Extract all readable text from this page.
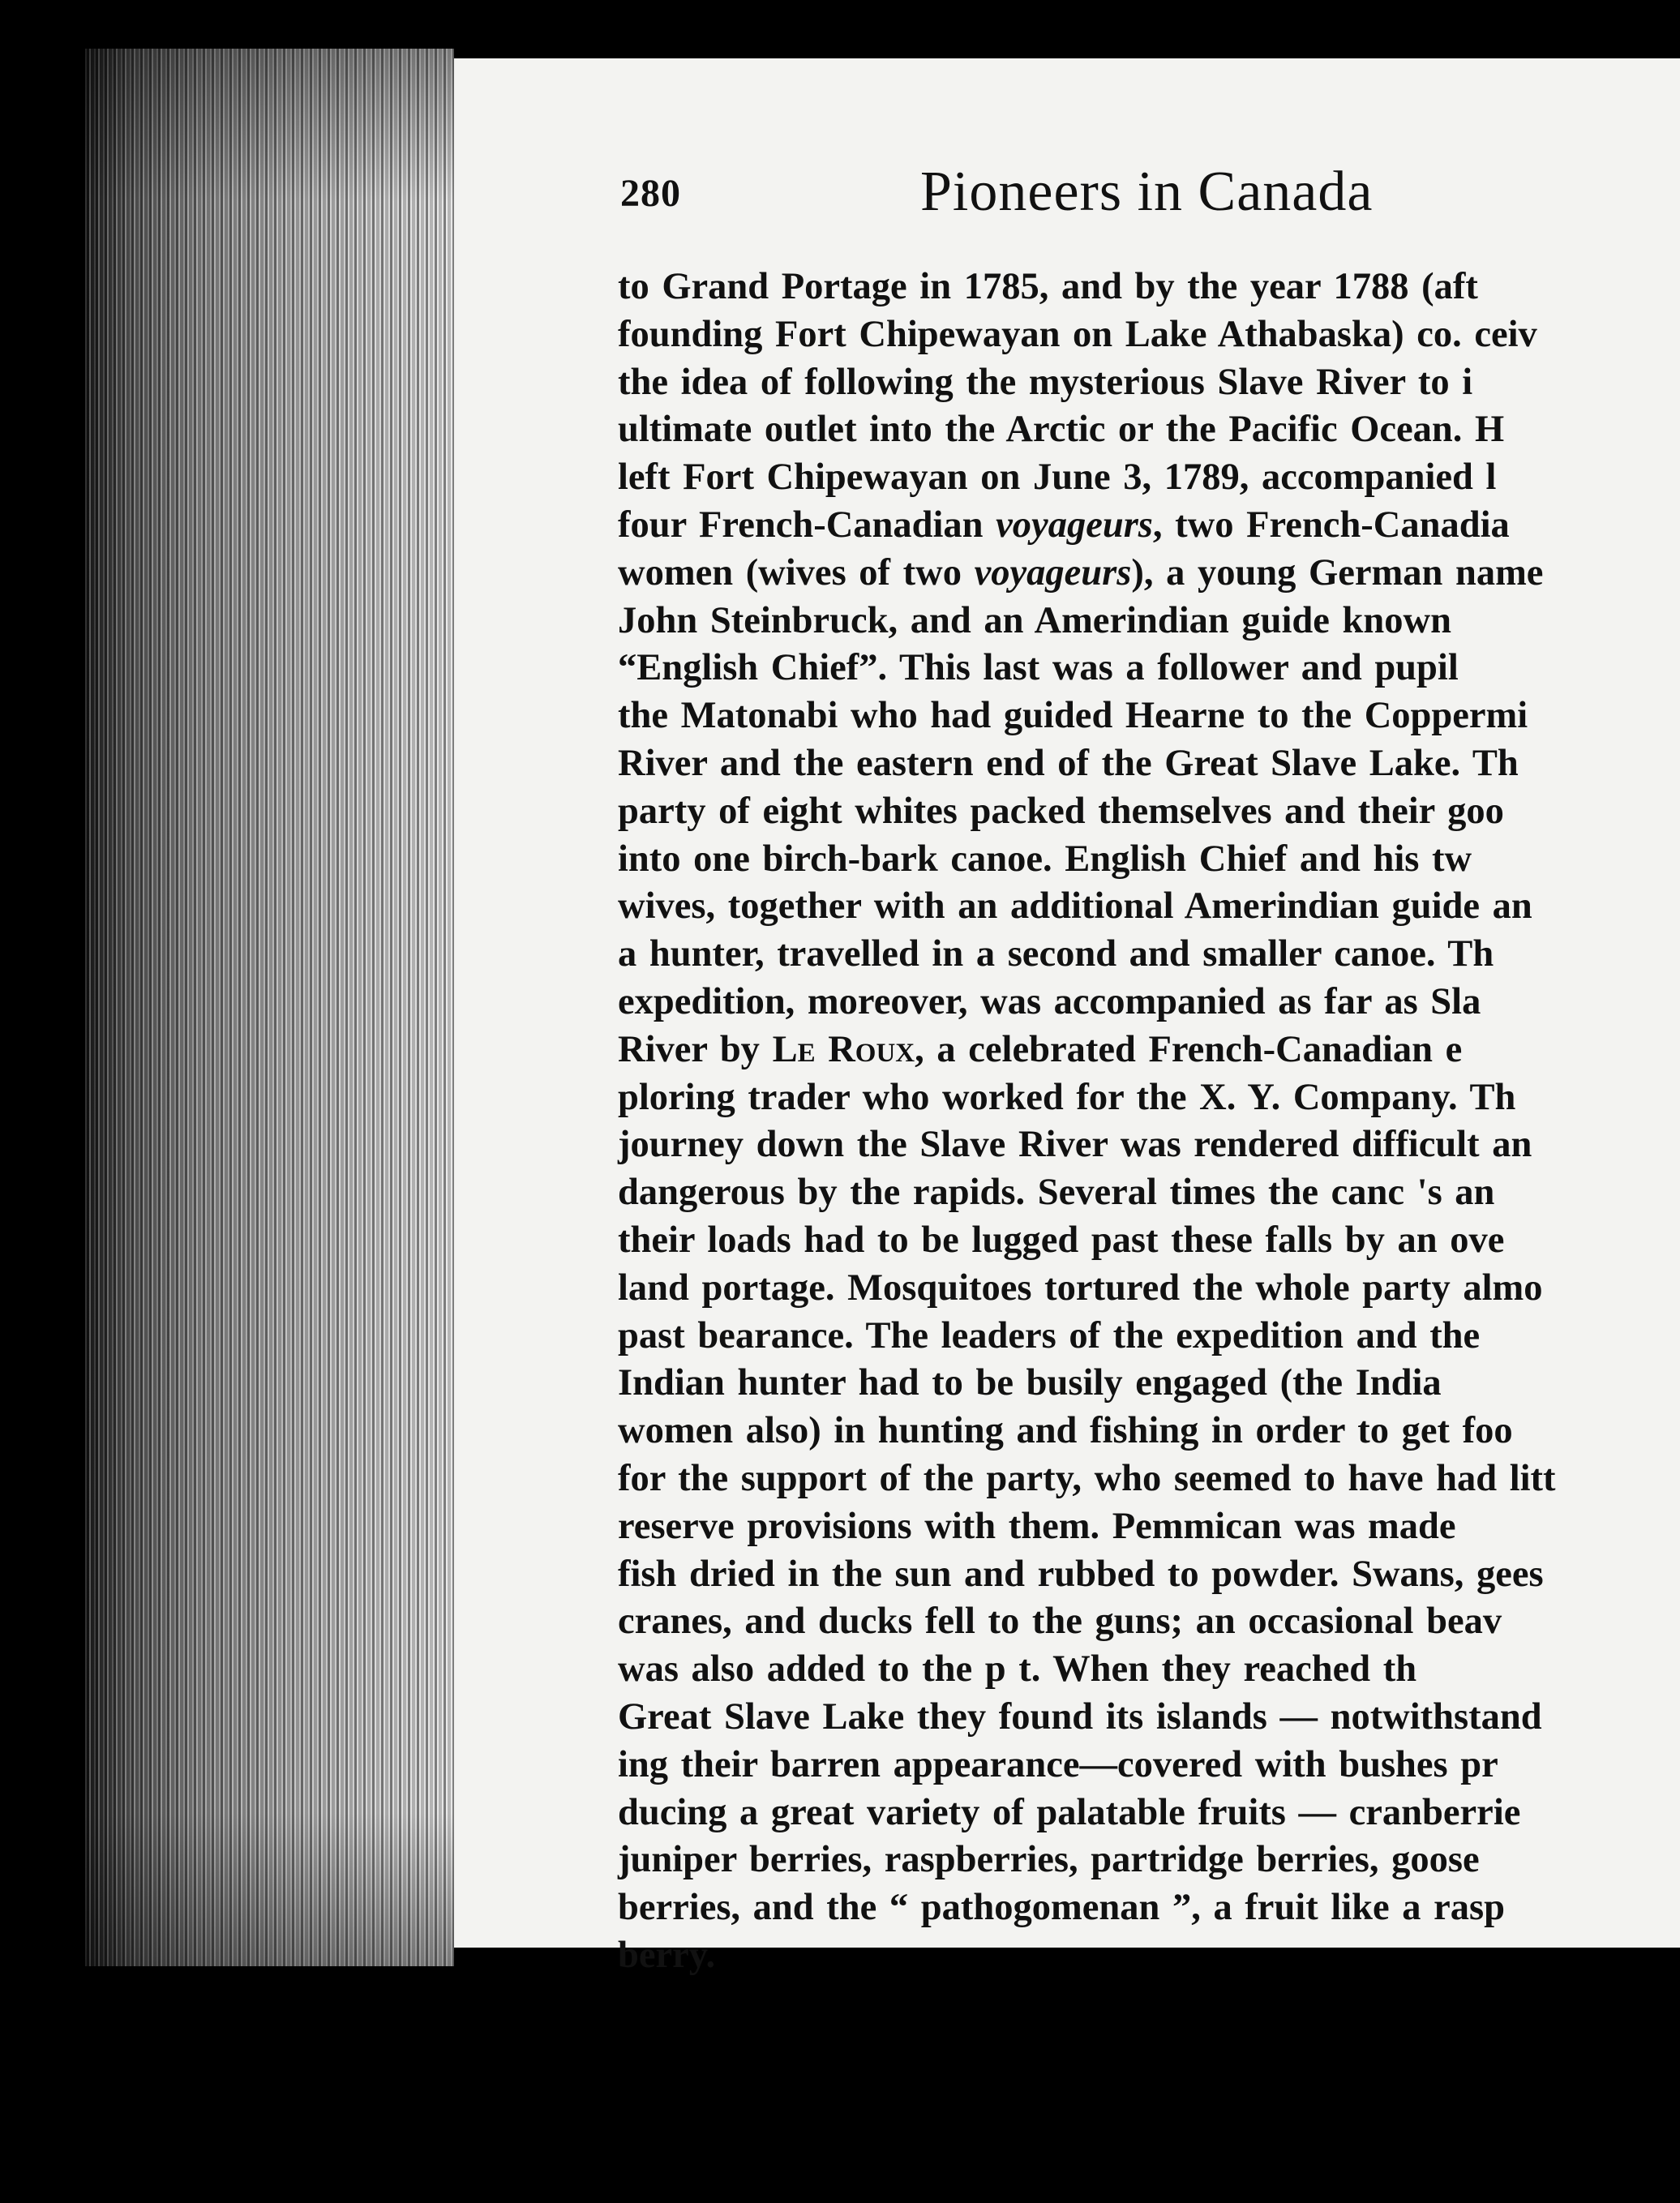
280	Pioneers in Canada
to Grand Portage in 1785, and by the year 1788 (aft
founding Fort Chipewayan on Lake Athabaska) co. ceiv
the idea of following the mysterious Slave River to i
ultimate outlet into the Arctic or the Pacific Ocean. H
left Fort Chipewayan on June 3, 1789, accompanied l
four French-Canadian voyageurs, two French-Canadia
women (wives of two voyageurs), a young German name
John Steinbruck, and an Amerindian guide known
“English Chief”. This last was a follower and pupil
the Matonabi who had guided Hearne to the Coppermi
River and the eastern end of the Great Slave Lake. Th
party of eight whites packed themselves and their goo
into one birch-bark canoe. English Chief and his tw
wives, together with an additional Amerindian guide an
a hunter, travelled in a second and smaller canoe. Th
expedition, moreover, was accompanied as far as Sla
River by Le Roux, a celebrated French-Canadian e
ploring trader who worked for the X. Y. Company. Th
journey down the Slave River was rendered difficult an
dangerous by the rapids. Several times the canc 's an
their loads had to be lugged past these falls by an ove
land portage. Mosquitoes tortured the whole party almo
past bearance. The leaders of the expedition and the
Indian hunter had to be busily engaged (the India
women also) in hunting and fishing in order to get foo
for the support of the party, who seemed to have had litt
reserve provisions with them. Pemmican was made
fish dried in the sun and rubbed to powder. Swans, gees
cranes, and ducks fell to the guns; an occasional beav
was also added to the p t. When they reached th
Great Slave Lake they found its islands — notwithstand
ing their barren appearance—covered with bushes pr
ducing a great variety of palatable fruits — cranberrie
juniper berries, raspberries, partridge berries, goose
berries, and the “ pathogomenan ”, a fruit like a rasp
berry.
